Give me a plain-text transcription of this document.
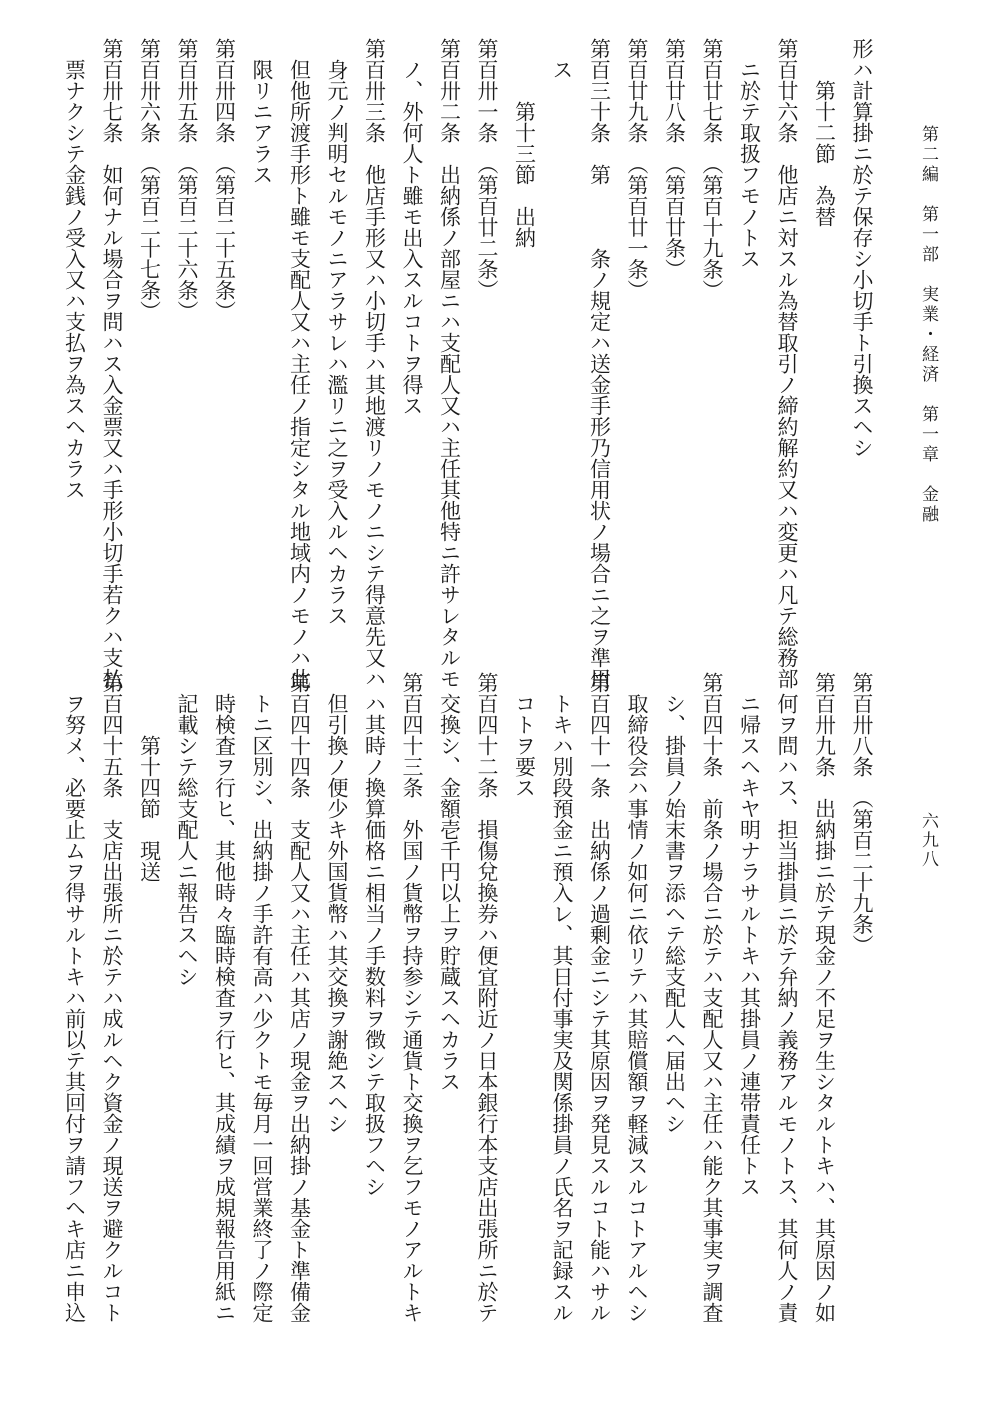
第二編　第一部　実業・経済　第一章　金融
六九八
形ハ計算掛ニ於テ保存シ小切手ト引換スヘシ
第十二節　為替
第百廿六条　他店ニ対スル為替取引ノ締約解約又ハ変更ハ凡テ総務部
ニ於テ取扱フモノトス
第百廿七条　（第百十九条）
第百廿八条　（第百廿条）
第百廿九条　（第百廿一条）
第百三十条　第　　　条ノ規定ハ送金手形乃信用状ノ場合ニ之ヲ準用
ス
第十三節　出納
第百卅一条　（第百廿二条）
第百卅二条　出納係ノ部屋ニハ支配人又ハ主任其他特ニ許サレタルモ
ノ、外何人ト雖モ出入スルコトヲ得ス
第百卅三条　他店手形又ハ小切手ハ其地渡リノモノニシテ得意先又ハ
身元ノ判明セルモノニアラサレハ濫リニ之ヲ受入ルヘカラス
但他所渡手形ト雖モ支配人又ハ主任ノ指定シタル地域内ノモノハ此
限リニアラス
第百卅四条　（第百二十五条）
第百卅五条　（第百二十六条）
第百卅六条　（第百二十七条）
第百卅七条　如何ナル場合ヲ問ハス入金票又ハ手形小切手若クハ支払
票ナクシテ金銭ノ受入又ハ支払ヲ為スヘカラス
第百卅八条　（第百二十九条）
第百卅九条　出納掛ニ於テ現金ノ不足ヲ生シタルトキハ、其原因ノ如
何ヲ問ハス、担当掛員ニ於テ弁納ノ義務アルモノトス、其何人ノ責
ニ帰スヘキヤ明ナラサルトキハ其掛員ノ連帯責任トス
第百四十条　前条ノ場合ニ於テハ支配人又ハ主任ハ能ク其事実ヲ調査
シ、掛員ノ始末書ヲ添ヘテ総支配人ヘ届出ヘシ
取締役会ハ事情ノ如何ニ依リテハ其賠償額ヲ軽減スルコトアルヘシ
第百四十一条　出納係ノ過剰金ニシテ其原因ヲ発見スルコト能ハサル
トキハ別段預金ニ預入レ、其日付事実及関係掛員ノ氏名ヲ記録スル
コトヲ要ス
第百四十二条　損傷兌換券ハ便宜附近ノ日本銀行本支店出張所ニ於テ
交換シ、金額壱千円以上ヲ貯蔵スヘカラス
第百四十三条　外国ノ貨幣ヲ持参シテ通貨ト交換ヲ乞フモノアルトキ
ハ其時ノ換算価格ニ相当ノ手数料ヲ徴シテ取扱フヘシ
但引換ノ便少キ外国貨幣ハ其交換ヲ謝絶スヘシ
第百四十四条　支配人又ハ主任ハ其店ノ現金ヲ出納掛ノ基金ト準備金
トニ区別シ、出納掛ノ手許有高ハ少クトモ毎月一回営業終了ノ際定
時検査ヲ行ヒ、其他時々臨時検査ヲ行ヒ、其成績ヲ成規報告用紙ニ
記載シテ総支配人ニ報告スヘシ
第十四節　現送
第百四十五条　支店出張所ニ於テハ成ルヘク資金ノ現送ヲ避クルコト
ヲ努メ、必要止ムヲ得サルトキハ前以テ其回付ヲ請フヘキ店ニ申込
